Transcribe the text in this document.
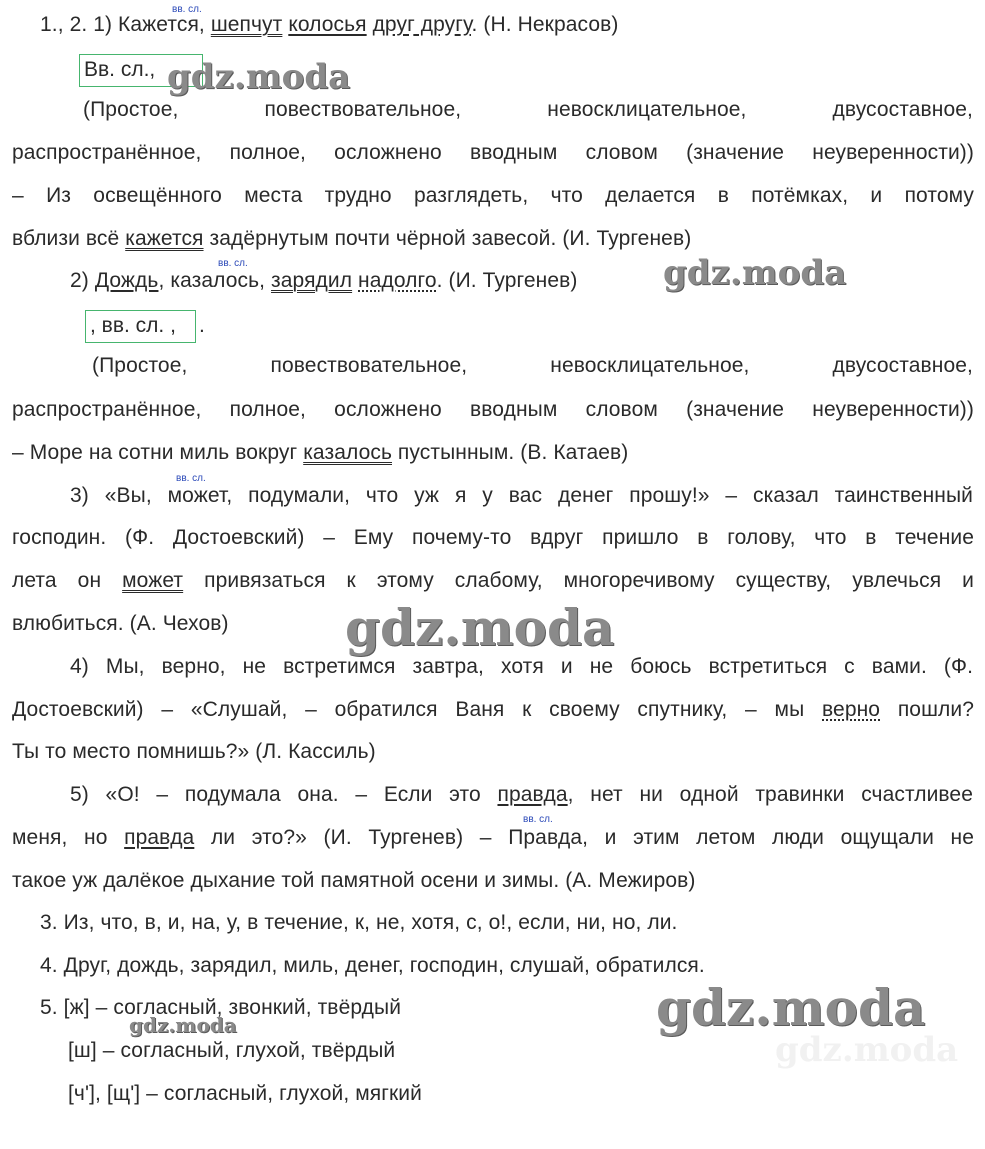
вв. сл.
1., 2. 1) Кажется, шепчут колосья друг другу. (Н. Некрасов)
Вв. сл., gdz.moda
(Простое,	повествовательное,	невосклицательное,	двусоставное,
распространённое, полное, осложнено вводным словом (значение неуверенности))
– Из освещённого места трудно разглядеть, что делается в потёмках, и потому
вблизи всё кажется задёрнутым почти чёрной завесой. (И. Тургенев)
вв. сл.
2) Дождь, казалось, зарядил надолго. (И. Тургенев)	gdz.moda
, вв. сл. ,	.
(Простое,	повествовательное,	невосклицательное,	двусоставное,
распространённое, полное, осложнено вводным словом (значение неуверенности))
– Море на сотни миль вокруг казалось пустынным. (В. Катаев)
вв. сл.
3) «Вы, может, подумали, что уж я у вас денег прошу!» – сказал таинственный
господин. (Ф. Достоевский) – Ему почему-то вдруг пришло в голову, что в течение
лета он может привязаться к этому слабому, многоречивому существу, увлечься и
влюбиться. (А. Чехов)	gdz.moda
4) Мы, верно, не встретимся завтра, хотя и не боюсь встретиться с вами. (Ф.
Достоевский) – «Слушай, – обратился Ваня к своему спутнику, – мы верно пошли?
Ты то место помнишь?» (Л. Кассиль)
5) «О! – подумала она. – Если это правда, нет ни одной травинки счастливее
вв. сл.
меня, но правда ли это?» (И. Тургенев) – Правда, и этим летом люди ощущали не
такое уж далёкое дыхание той памятной осени и зимы. (А. Межиров)
3. Из, что, в, и, на, у, в течение, к, не, хотя, с, о!, если, ни, но, ли.
4. Друг, дождь, зарядил, миль, денег, господин, слушай, обратился.
5. [ж] – согласный, звонкий, твёрдый
gdz.moda
[ш] – согласный, глухой, твёрдый
[ч'], [щ'] – согласный, глухой, мягкий
gdz.moda
gdz.moda
